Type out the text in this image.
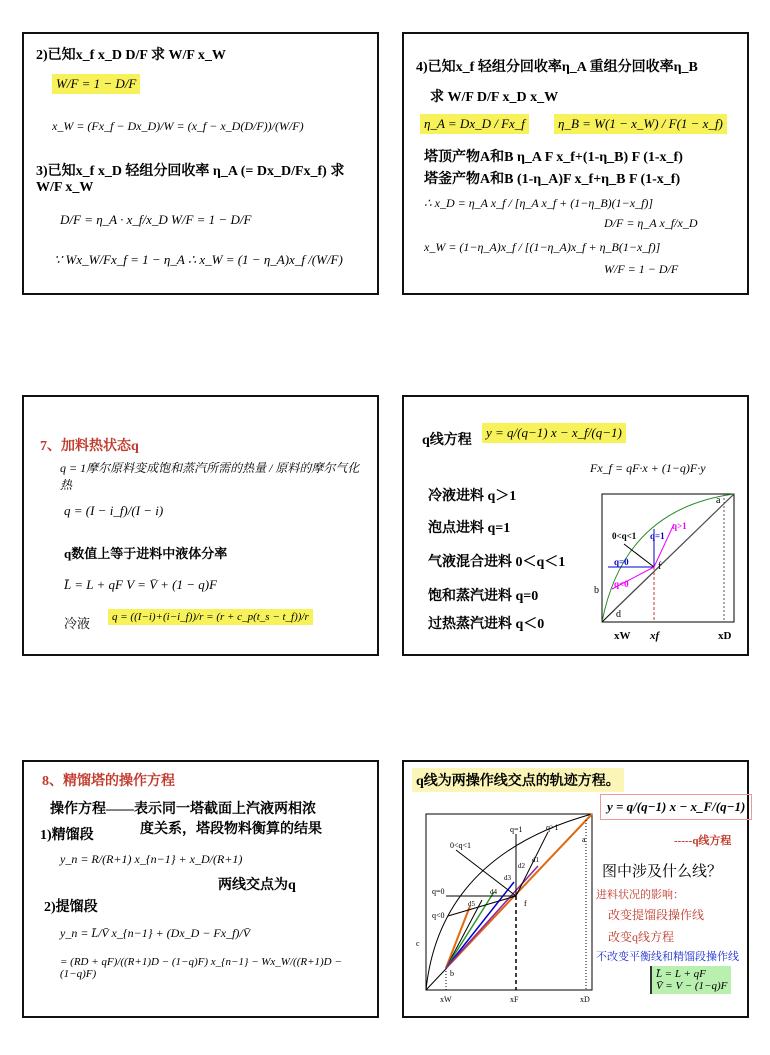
2)已知x_f x_D D/F 求 W/F x_W
W/F = 1 − D/F
x_W = (Fx_f − Dx_D)/W = (x_f − x_D(D/F))/(W/F)
3)已知x_f x_D 轻组分回收率 η_A (= Dx_D/Fx_f) 求 W/F x_W
D/F = η_A · x_f/x_D W/F = 1 − D/F
∵ Wx_W/Fx_f = 1 − η_A ∴ x_W = (1 − η_A)x_f /(W/F)
4)已知x_f 轻组分回收率η_A 重组分回收率η_B
求 W/F D/F x_D x_W
η_A = Dx_D / Fx_f	η_B = W(1 − x_W) / F(1 − x_f)
塔顶产物A和B η_A F x_f+(1-η_B) F (1-x_f)
塔釜产物A和B (1-η_A)F x_f+η_B F (1-x_f)
∴ x_D = η_A x_f / [η_A x_f + (1−η_B)(1−x_f)]
D/F = η_A x_f/x_D
x_W = (1−η_A)x_f / [(1−η_A)x_f + η_B(1−x_f)]
W/F = 1 − D/F
7、加料热状态q
q = 1摩尔原料变成饱和蒸汽所需的热量 / 原料的摩尔气化热
q = (I − i_f)/(I − i)
q数值上等于进料中液体分率
L̄ = L + qF V = V̄ + (1 − q)F
冷液	q = ((I−i)+(i−i_f))/r = (r + c_p(t_s − t_f))/r
q线方程
y = q/(q−1) x − x_f/(q−1)
Fx_f = qF·x + (1−q)F·y
冷液进料 q＞1
泡点进料 q=1
气液混合进料 0＜q＜1
饱和蒸汽进料 q=0
过热蒸汽进料 q＜0
a
b
d
f
q>1
q=1
0<q<1
q=0
q<0
xW xf	xD
8、精馏塔的操作方程
操作方程——表示同一塔截面上汽液两相浓
度关系，塔段物料衡算的结果
1)精馏段
y_n = R/(R+1) x_{n−1} + x_D/(R+1)
两线交点为q
2)提馏段
y_n = L̄/V̄ x_{n−1} + (Dx_D − Fx_f)/V̄
= (RD + qF)/((R+1)D − (1−q)F) x_{n−1} − Wx_W/((R+1)D − (1−q)F)
q线为两操作线交点的轨迹方程。
y = q/(q−1) x − x_F/(q−1)
-----q线方程
图中涉及什么线？
进料状况的影响：
改变提馏段操作线
改变q线方程
不改变平衡线和精馏段操作线
L̄ = L + qF
V̄ = V − (1−q)F
a
b
c
f
q=1	q>1
0<q<1
q=0
q<0
d1
d2
d3
d4
d5
xW	xF	xD
